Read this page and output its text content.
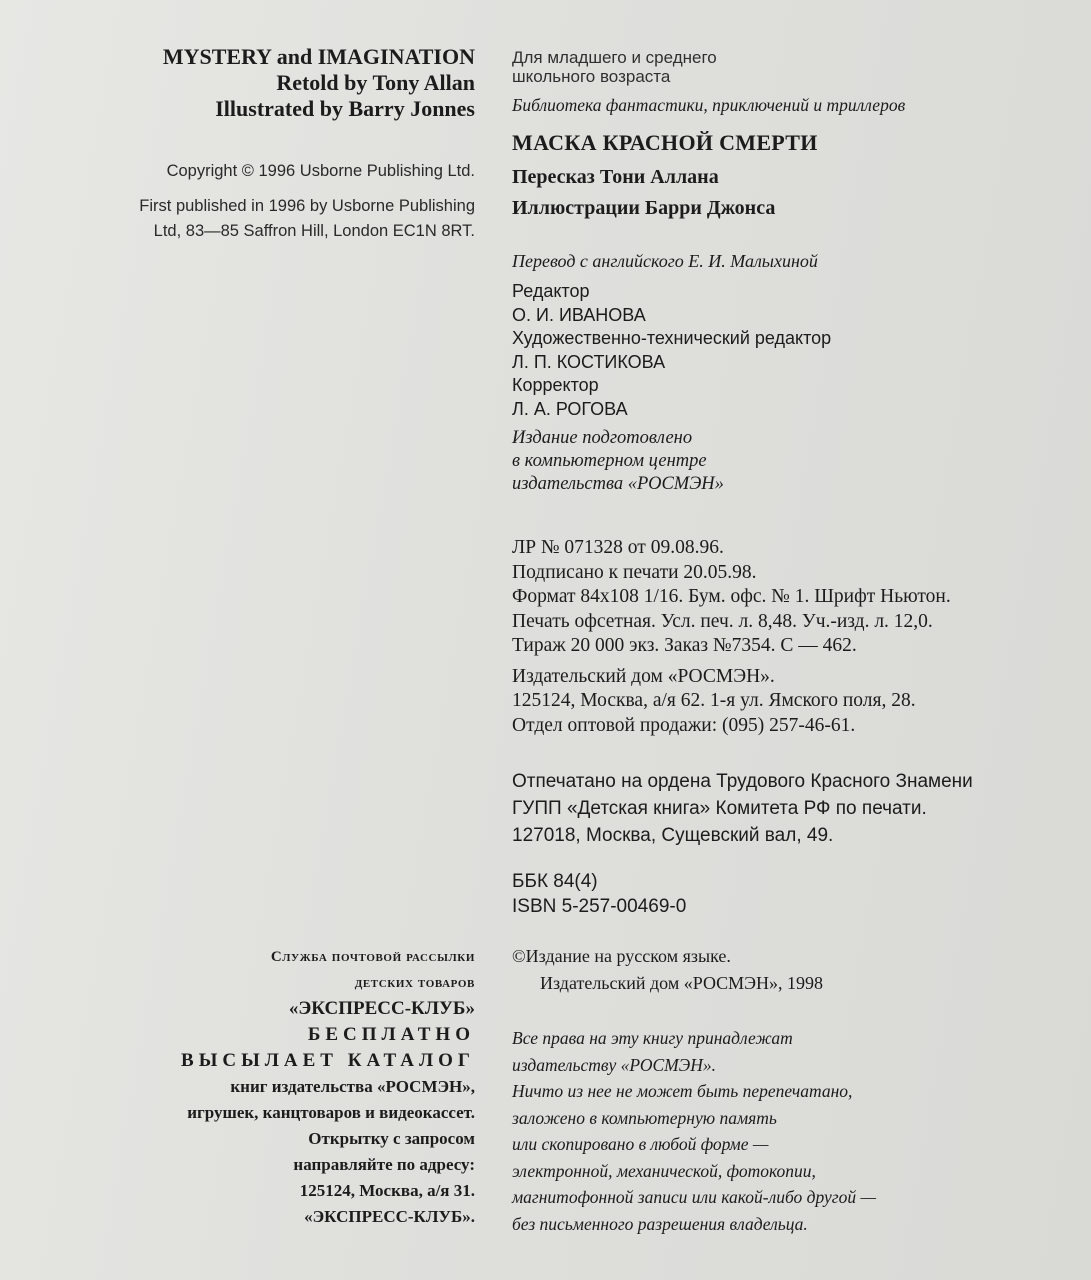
MYSTERY and IMAGINATION
Retold by Tony Allan
Illustrated by Barry Jonnes
Copyright © 1996 Usborne Publishing Ltd.
First published in 1996 by Usborne Publishing
Ltd, 83—85 Saffron Hill, London EC1N 8RT.
Служба почтовой рассылки
детских товаров
«ЭКСПРЕСС-КЛУБ»
БЕСПЛАТНО
ВЫСЫЛАЕТ КАТАЛОГ
книг издательства «РОСМЭН»,
игрушек, канцтоваров и видеокассет.
Открытку с запросом
направляйте по адресу:
125124, Москва, а/я 31.
«ЭКСПРЕСС-КЛУБ».
Для младшего и среднего
школьного возраста
Библиотека фантастики, приключений и триллеров
МАСКА КРАСНОЙ СМЕРТИ
Пересказ Тони Аллана
Иллюстрации Барри Джонса
Перевод с английского Е. И. Малыхиной
Редактор
О. И. ИВАНОВА
Художественно-технический редактор
Л. П. КОСТИКОВА
Корректор
Л. А. РОГОВА
Издание подготовлено
в компьютерном центре
издательства «РОСМЭН»
ЛР № 071328 от 09.08.96.
Подписано к печати 20.05.98.
Формат 84x108 1/16. Бум. офс. № 1. Шрифт Ньютон.
Печать офсетная. Усл. печ. л. 8,48. Уч.-изд. л. 12,0.
Тираж 20 000 экз. Заказ №7354. С — 462.
Издательский дом «РОСМЭН».
125124, Москва, а/я 62. 1-я ул. Ямского поля, 28.
Отдел оптовой продажи: (095) 257-46-61.
Отпечатано на ордена Трудового Красного Знамени
ГУПП «Детская книга» Комитета РФ по печати.
127018, Москва, Сущевский вал, 49.
ББК 84(4)
ISBN 5-257-00469-0
©Издание на русском языке.
Издательский дом «РОСМЭН», 1998
Все права на эту книгу принадлежат
издательству «РОСМЭН».
Ничто из нее не может быть перепечатано,
заложено в компьютерную память
или скопировано в любой форме —
электронной, механической, фотокопии,
магнитофонной записи или какой-либо другой —
без письменного разрешения владельца.
